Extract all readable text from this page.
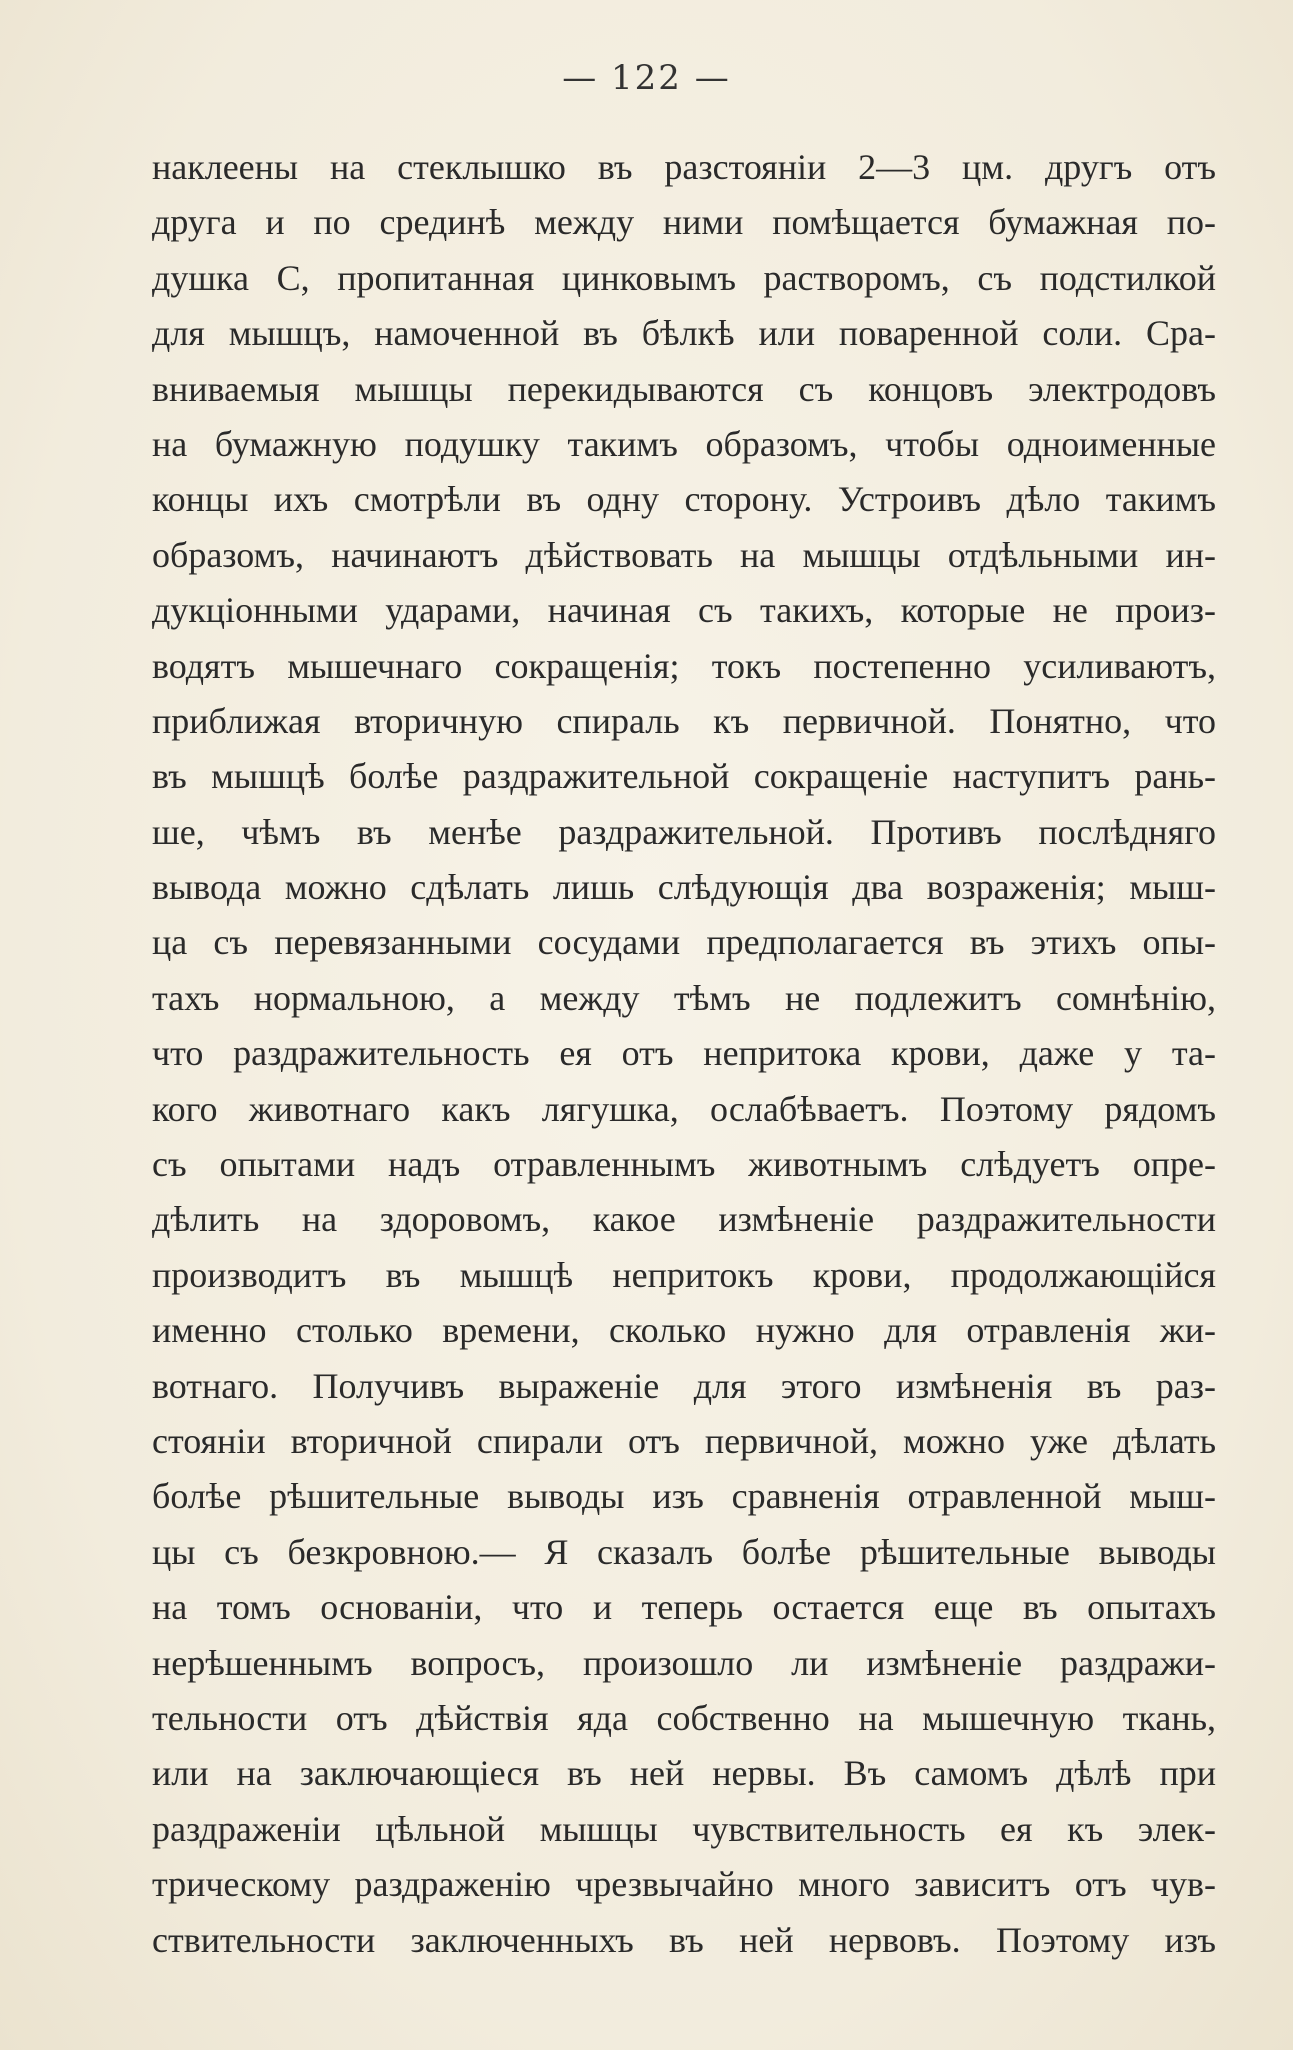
— 122 —
наклеены на стеклышко въ разстоянiи 2—3 цм. другъ отъ
друга и по срединѣ между ними помѣщается бумажная по-
душка С, пропитанная цинковымъ растворомъ, съ подстилкой
для мышцъ, намоченной въ бѣлкѣ или поваренной соли. Сра-
вниваемыя мышцы перекидываются съ концовъ электродовъ
на бумажную подушку такимъ образомъ, чтобы одноименные
концы ихъ смотрѣли въ одну сторону. Устроивъ дѣло такимъ
образомъ, начинаютъ дѣйствовать на мышцы отдѣльными ин-
дукцiонными ударами, начиная съ такихъ, которые не произ-
водятъ мышечнаго сокращенiя; токъ постепенно усиливаютъ,
приближая вторичную спираль къ первичной. Понятно, что
въ мышцѣ болѣе раздражительной сокращенiе наступитъ рань-
ше, чѣмъ въ менѣе раздражительной. Противъ послѣдняго
вывода можно сдѣлать лишь слѣдующiя два возраженiя; мыш-
ца съ перевязанными сосудами предполагается въ этихъ опы-
тахъ нормальною, а между тѣмъ не подлежитъ сомнѣнiю,
что раздражительность ея отъ непритока крови, даже у та-
кого животнаго какъ лягушка, ослабѣваетъ. Поэтому рядомъ
съ опытами надъ отравленнымъ животнымъ слѣдуетъ опре-
дѣлить на здоровомъ, какое измѣненiе раздражительности
производитъ въ мышцѣ непритокъ крови, продолжающiйся
именно столько времени, сколько нужно для отравленiя жи-
вотнаго. Получивъ выраженiе для этого измѣненiя въ раз-
стоянiи вторичной спирали отъ первичной, можно уже дѣлать
болѣе рѣшительные выводы изъ сравненiя отравленной мыш-
цы съ безкровною.— Я сказалъ болѣе рѣшительные выводы
на томъ основанiи, что и теперь остается еще въ опытахъ
нерѣшеннымъ вопросъ, произошло ли измѣненiе раздражи-
тельности отъ дѣйствiя яда собственно на мышечную ткань,
или на заключающiеся въ ней нервы. Въ самомъ дѣлѣ при
раздраженiи цѣльной мышцы чувствительность ея къ элек-
трическому раздраженiю чрезвычайно много зависитъ отъ чув-
ствительности заключенныхъ въ ней нервовъ. Поэтому изъ
